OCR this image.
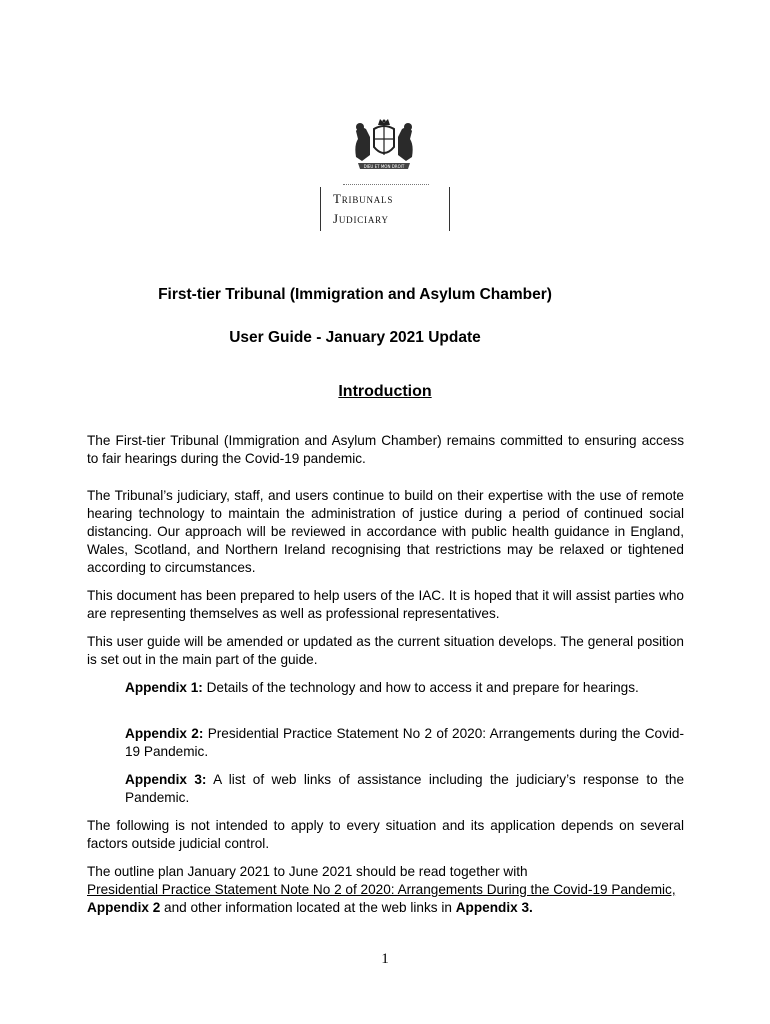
DIEU ET MON DROIT
Tribunals
Judiciary
First-tier Tribunal (Immigration and Asylum Chamber)
User Guide - January 2021 Update
Introduction

The First-tier Tribunal (Immigration and Asylum Chamber) remains committed to ensuring access to fair hearings during the Covid-19 pandemic.

The Tribunal’s judiciary, staff, and users continue to build on their expertise with the use of remote hearing technology to maintain the administration of justice during a period of continued social distancing. Our approach will be reviewed in accordance with public health guidance in England, Wales, Scotland, and Northern Ireland recognising that restrictions may be relaxed or tightened according to circumstances.

This document has been prepared to help users of the IAC. It is hoped that it will assist parties who are representing themselves as well as professional representatives.

This user guide will be amended or updated as the current situation develops. The general position is set out in the main part of the guide.

Appendix 1: Details of the technology and how to access it and prepare for hearings.

Appendix 2: Presidential Practice Statement No 2 of 2020: Arrangements during the Covid-19 Pandemic.

Appendix 3: A list of web links of assistance including the judiciary’s response to the Pandemic.

The following is not intended to apply to every situation and its application depends on several factors outside judicial control.

The outline plan January 2021 to June 2021 should be read together with
Presidential Practice Statement Note No 2 of 2020: Arrangements During the Covid-19 Pandemic, Appendix 2 and other information located at the web links in Appendix 3.

1
